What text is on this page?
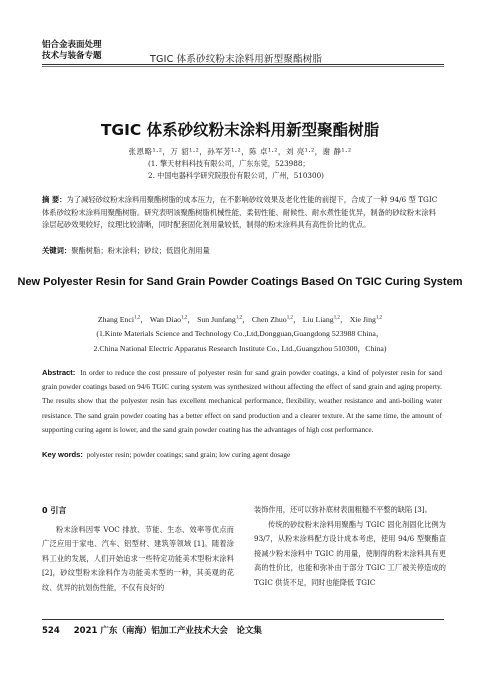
铝合金表面处理
技术与装备专题	TGIC 体系砂纹粉末涂料用新型聚酯树脂
TGIC 体系砂纹粉末涂料用新型聚酯树脂
张恩略¹·²，万 貂¹·²，孙军芳¹·²，陈 卓¹·²，刘 亮¹·²，谢 静¹·²
(1. 擎天材料科技有限公司，广东东莞，523988；
2. 中国电器科学研究院股份有限公司，广州，510300)
摘 要：为了减轻砂纹粉末涂料用聚酯树脂的成本压力，在不影响砂纹效果及老化性能的前提下，合成了一种 94/6 型 TGIC 体系砂纹粉末涂料用聚酯树脂。研究表明该聚酯树脂机械性能、柔韧性能、耐候性、耐水煮性能优异，制备的砂纹粉末涂料涂层起砂效果较好，纹理比较清晰，同时配套固化剂用量较低，制得的粉末涂料具有高性价比的优点。
关键词：聚酯树脂；粉末涂料；砂纹；低固化剂用量
New Polyester Resin for Sand Grain Powder Coatings Based On TGIC Curing System
Zhang Enci$^{1,2}$， Wan Diao$^{1,2}$， Sun Junfang$^{1,2}$， Chen Zhuo$^{1,2}$， Liu Liang$^{1,2}$， Xie Jing$^{1,2}$
(1.Kinte Materials Science and Technology Co.,Ltd,Dongguan,Guangdong 523988 China，
2.China National Electric Apparatus Research Institute Co., Ltd.,Guangzhou 510300，China)
Abstract: In order to reduce the cost pressure of polyester resin for sand grain powder coatings, a kind of polyester resin for sand grain powder coatings based on 94/6 TGIC curing system was synthesized without affecting the effect of sand grain and aging property. The results show that the polyester resin has excellent mechanical performance, flexibility, weather resistance and anti-boiling water resistance. The sand grain powder coating has a better effect on sand production and a clearer texture. At the same time, the amount of supporting curing agent is lower, and the sand grain powder coating has the advantages of high cost performance.
Key words: polyester resin; powder coatings; sand grain; low curing agent dosage
0 引言
粉末涂料因零 VOC 排放、节能、生态、效率等优点而广泛应用于家电、汽车、铝型材、建筑等领域 [1]。随着涂料工业的发展，人们开始追求一些特定功能美术型粉末涂料 [2]，砂纹型粉末涂料作为功能美术型的一种，其美观的花纹、优异的抗划伤性能，不仅有良好的
装饰作用，还可以弥补底材表面粗糙不平整的缺陷 [3]。
传统的砂纹粉末涂料用聚酯与 TGIC 固化剂固化比例为 93/7，从粉末涂料配方设计成本考虑，使用 94/6 型聚酯直接减少粉末涂料中 TGIC 的用量，使制得的粉末涂料具有更高的性价比，也能和弥补由于部分 TGIC 工厂被关停造成的 TGIC 供货不足，同时也能降低 TGIC
524 2021 广东（南海）铝加工产业技术大会　论文集
